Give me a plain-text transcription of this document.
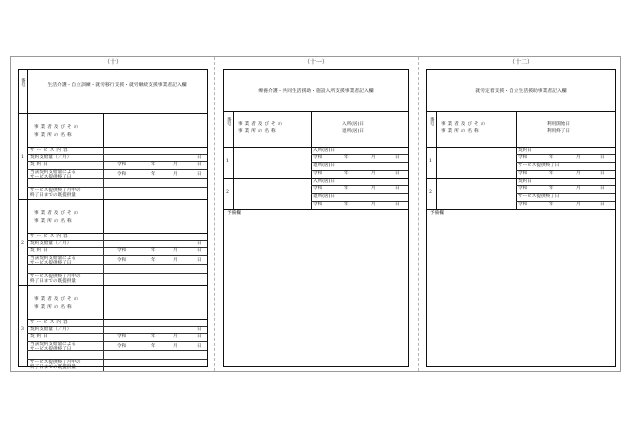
（十）
番号	生活介護・自立訓練・就労移行支援・就労継続支援事業者記入欄
1
事業者及びその
事業所の名称
サービス内容
契約支給量（／月）	日
契約日	令和	年	月	日
当該契約支給量による
サービス提供終了日
令和	年	月	日
サービス提供終了月中の
終了日までの既提供量
2
事業者及びその
事業所の名称
サービス内容
契約支給量（／月）	日
契約日	令和	年	月	日
当該契約支給量による
サービス提供終了日
令和	年	月	日
サービス提供終了月中の
終了日までの既提供量
3
事業者及びその
事業所の名称
サービス内容
契約支給量（／月）	日
契約日	令和	年	月	日
当該契約支給量による
サービス提供終了日
令和	年	月	日
サービス提供終了月中の
終了日までの既提供量
（十一）
療養介護・共同生活援助・施設入所支援事業者記入欄
番号 事業者及びその
事業所の名称
入所(居)日
退所(居)日
1
入所(居)日
令和	年	月	日
退所(居)日
令和	年	月	日
2
入所(居)日
令和	年	月	日
退所(居)日
令和	年	月	日
予備欄
（十二）
就労定着支援・自立生活援助事業者記入欄
番号 事業者及びその
事業所の名称
利用開始日
利用終了日
1
契約日
令和	年	月	日
サービス提供終了日
令和	年	月	日
2
契約日
令和	年	月	日
サービス提供終了日
令和	年	月	日
予備欄
